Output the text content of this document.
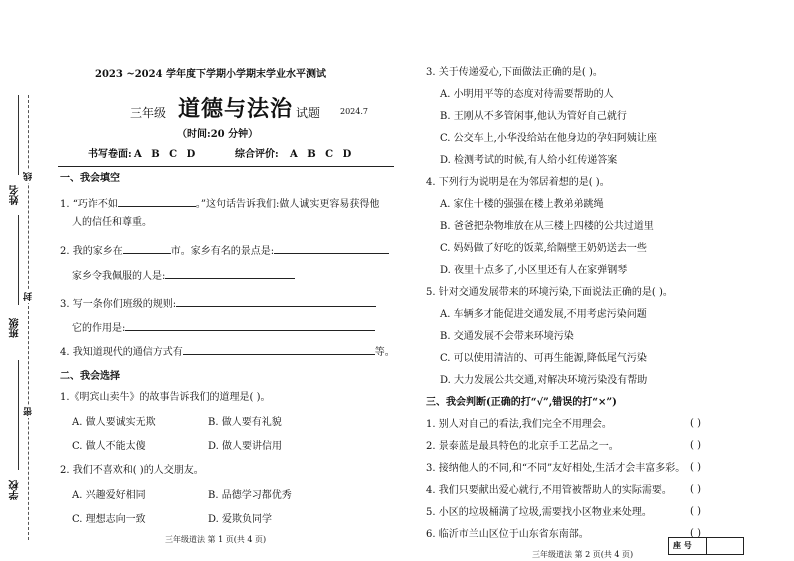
线
封
密
姓名
班级
学校
2023 ~2024 学年度下学期小学期末学业水平测试
三年级 道德与法治 试题 2024.7
（时间:20 分钟）
书写卷面: A B C D	综合评价: A B C D
一、我会填空
1. “巧诈不如	。”这句话告诉我们:做人诚实更容易获得他
人的信任和尊重。
2. 我的家乡在	市。家乡有名的景点是:
家乡令我佩服的人是:
3. 写一条你们班级的规则:
它的作用是:
4. 我知道现代的通信方式有	等。
二、我会选择
1.《明宾山卖牛》的故事告诉我们的道理是( )。
A. 做人要诚实无欺	B. 做人要有礼貌
C. 做人不能太傻	D. 做人要讲信用
2. 我们不喜欢和( )的人交朋友。
A. 兴趣爱好相同	B. 品德学习都优秀
C. 理想志向一致	D. 爱欺负同学
三年级道法 第 1 页(共 4 页)
3. 关于传递爱心,下面做法正确的是( )。
A. 小明用平等的态度对待需要帮助的人
B. 王刚从不多管闲事,他认为管好自己就行
C. 公交车上,小华没给站在他身边的孕妇阿姨让座
D. 检测考试的时候,有人给小红传递答案
4. 下列行为说明是在为邻居着想的是( )。
A. 家住十楼的强强在楼上教弟弟跳绳
B. 爸爸把杂物堆放在从三楼上四楼的公共过道里
C. 妈妈做了好吃的饭菜,给隔壁王奶奶送去一些
D. 夜里十点多了,小区里还有人在家弹钢琴
5. 针对交通发展带来的环境污染,下面说法正确的是( )。
A. 车辆多才能促进交通发展,不用考虑污染问题
B. 交通发展不会带来环境污染
C. 可以使用清洁的、可再生能源,降低尾气污染
D. 大力发展公共交通,对解决环境污染没有帮助
三、我会判断(正确的打“√”,错误的打“×”)
1. 别人对自己的看法,我们完全不用理会。	( )
2. 景泰蓝是最具特色的北京手工艺品之一。	( )
3. 接纳他人的不同,和“不同”友好相处,生活才会丰富多彩。 ( )
4. 我们只要献出爱心就行,不用管被帮助人的实际需要。 ( )
5. 小区的垃圾桶满了垃圾,需要找小区物业来处理。	( )
6. 临沂市兰山区位于山东省东南部。	( )
三年级道法 第 2 页(共 4 页)
座 号
